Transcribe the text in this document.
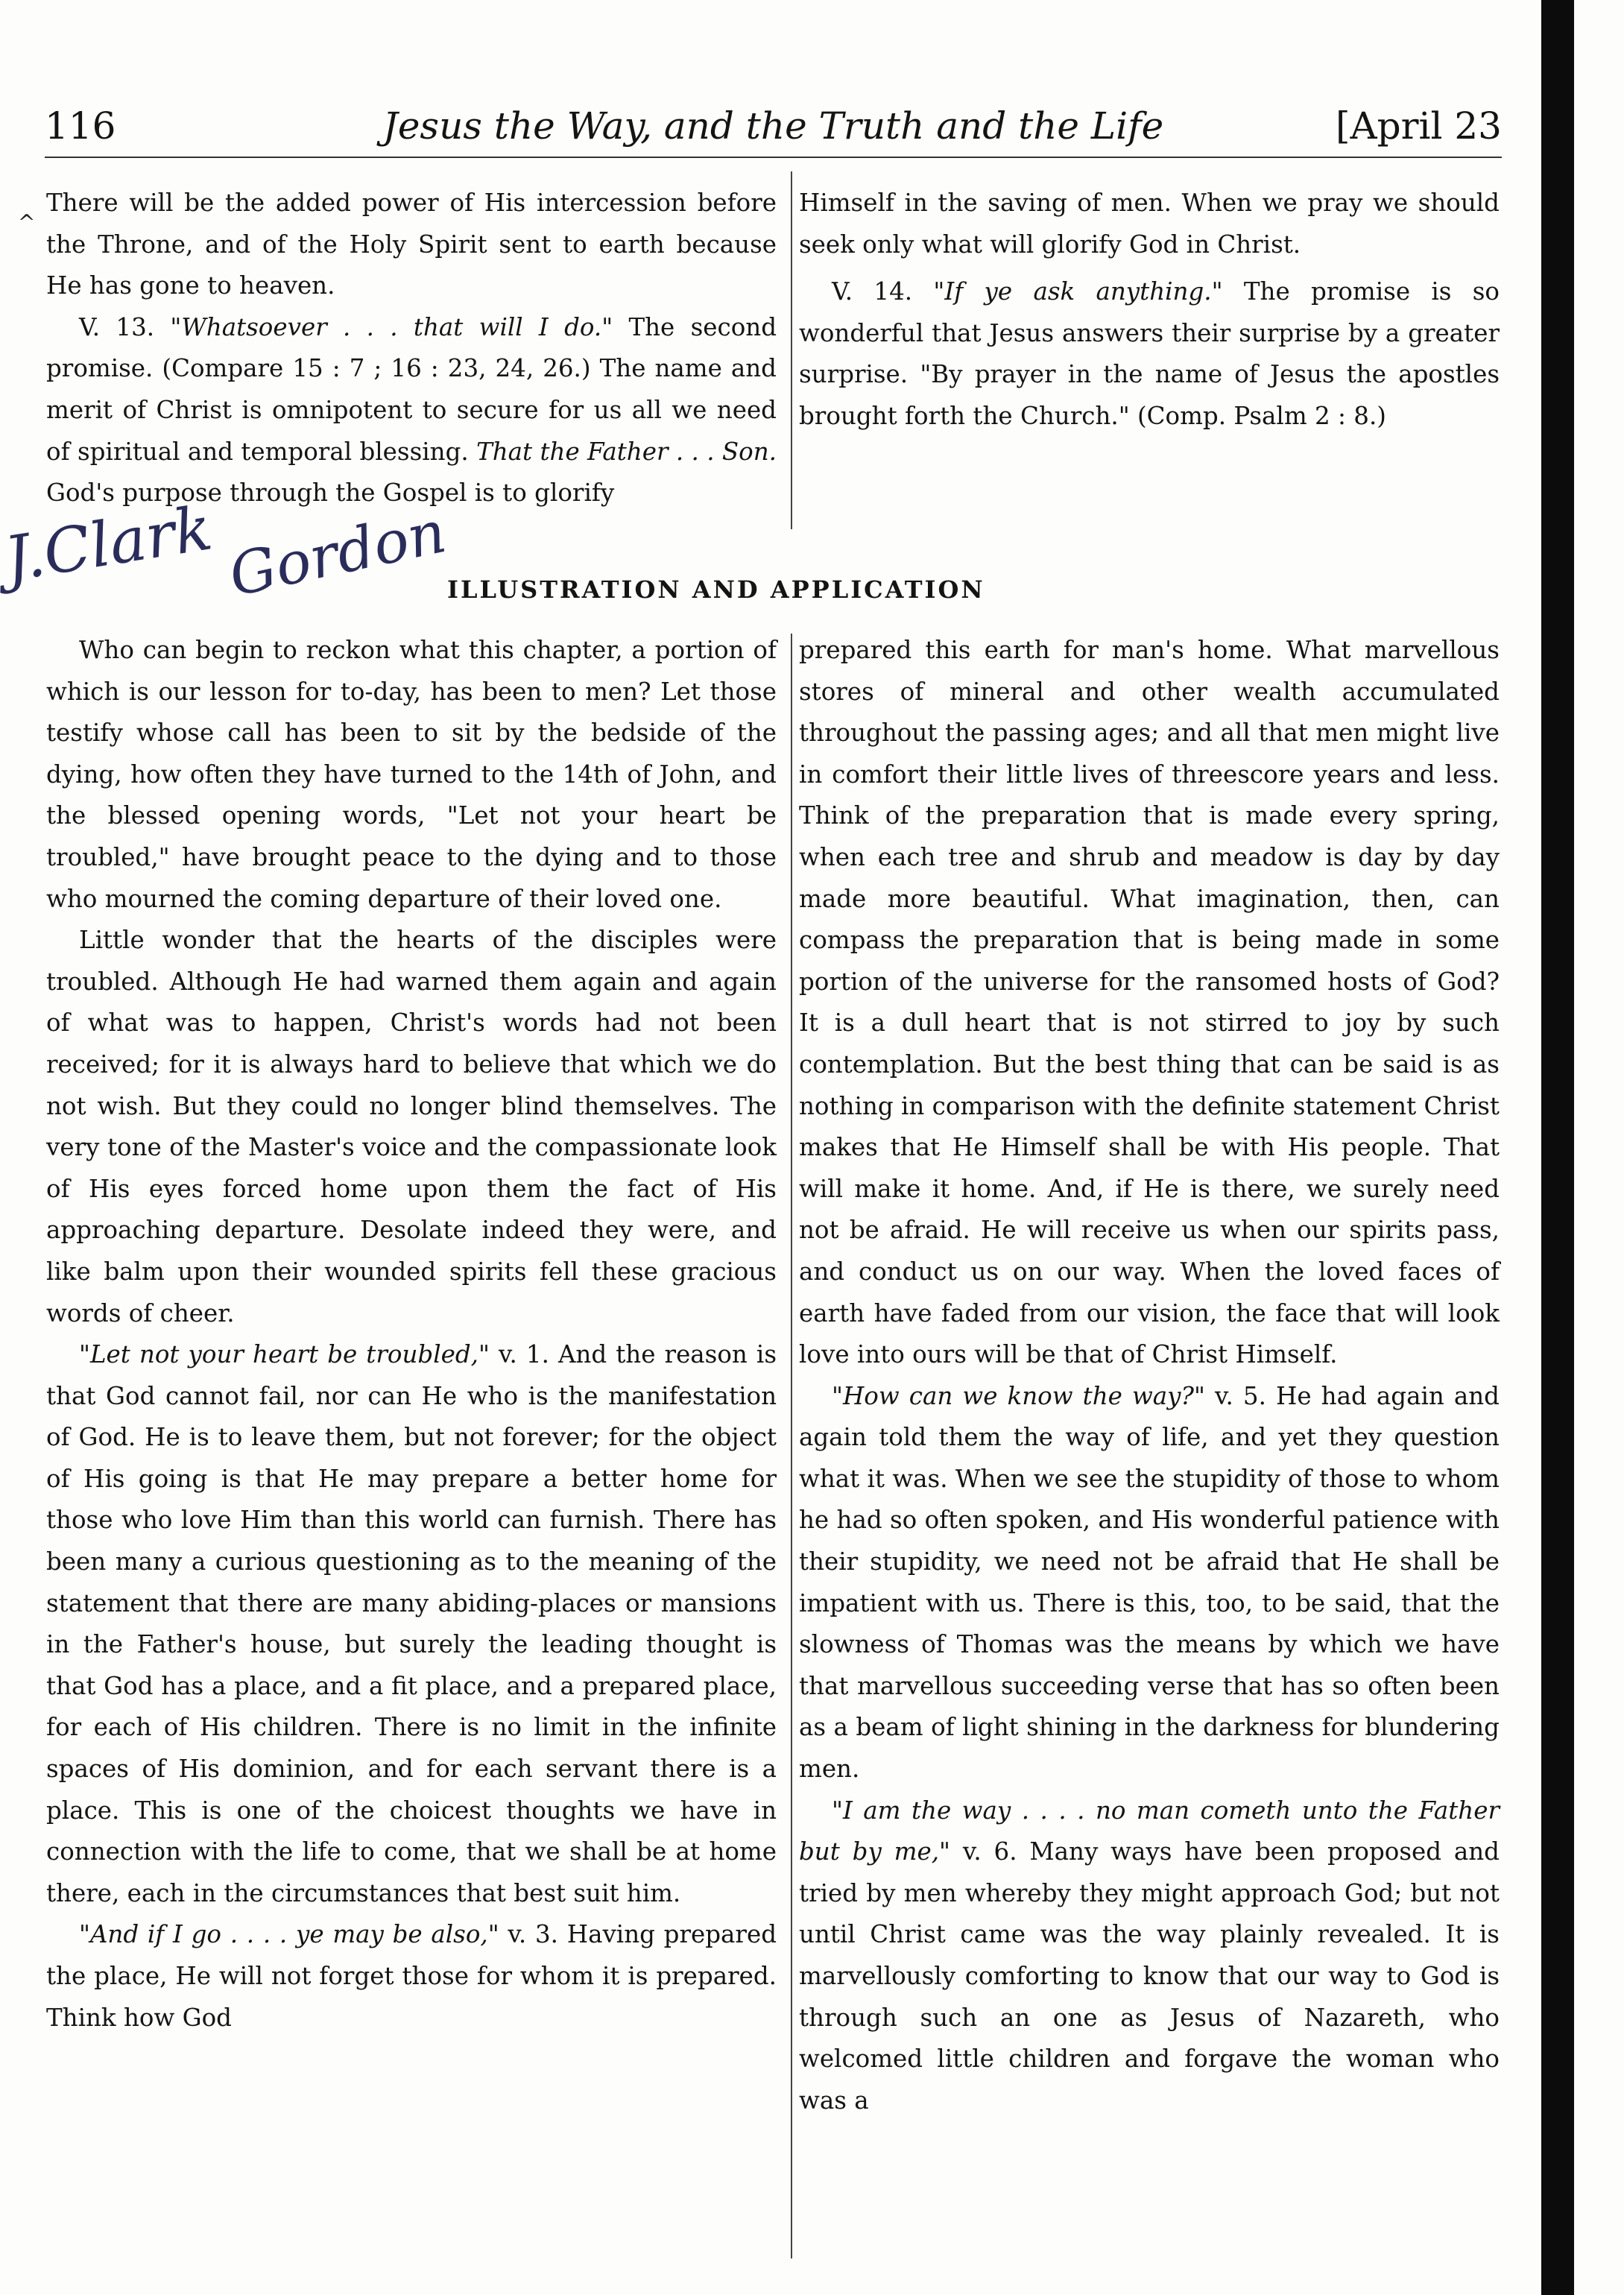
116	Jesus the Way, and the Truth and the Life	[April 23
^

There will be the added power of His intercession before the Throne, and of the Holy Spirit sent to earth because He has gone to heaven.

V. 13. "Whatsoever . . . that will I do." The second promise. (Compare 15 : 7 ; 16 : 23, 24, 26.) The name and merit of Christ is omnipotent to secure for us all we need of spiritual and temporal blessing. That the Father . . . Son. God's purpose through the Gospel is to glorify

Himself in the saving of men. When we pray we should seek only what will glorify God in Christ.

V. 14. "If ye ask anything." The promise is so wonderful that Jesus answers their surprise by a greater surprise. "By prayer in the name of Jesus the apostles brought forth the Church." (Comp. Psalm 2 : 8.)

J.Clark Gordon
ILLUSTRATION AND APPLICATION

Who can begin to reckon what this chapter, a portion of which is our lesson for to-day, has been to men? Let those testify whose call has been to sit by the bedside of the dying, how often they have turned to the 14th of John, and the blessed opening words, "Let not your heart be troubled," have brought peace to the dying and to those who mourned the coming departure of their loved one.

Little wonder that the hearts of the disciples were troubled. Although He had warned them again and again of what was to happen, Christ's words had not been received; for it is always hard to believe that which we do not wish. But they could no longer blind themselves. The very tone of the Master's voice and the compassionate look of His eyes forced home upon them the fact of His approaching departure. Desolate indeed they were, and like balm upon their wounded spirits fell these gracious words of cheer.

"Let not your heart be troubled," v. 1. And the reason is that God cannot fail, nor can He who is the manifestation of God. He is to leave them, but not forever; for the object of His going is that He may prepare a better home for those who love Him than this world can furnish. There has been many a curious questioning as to the meaning of the statement that there are many abiding-places or mansions in the Father's house, but surely the leading thought is that God has a place, and a fit place, and a prepared place, for each of His children. There is no limit in the infinite spaces of His dominion, and for each servant there is a place. This is one of the choicest thoughts we have in connection with the life to come, that we shall be at home there, each in the circumstances that best suit him.

"And if I go . . . . ye may be also," v. 3. Having prepared the place, He will not forget those for whom it is prepared. Think how God

prepared this earth for man's home. What marvellous stores of mineral and other wealth accumulated throughout the passing ages; and all that men might live in comfort their little lives of threescore years and less. Think of the preparation that is made every spring, when each tree and shrub and meadow is day by day made more beautiful. What imagination, then, can compass the preparation that is being made in some portion of the universe for the ransomed hosts of God? It is a dull heart that is not stirred to joy by such contemplation. But the best thing that can be said is as nothing in comparison with the definite statement Christ makes that He Himself shall be with His people. That will make it home. And, if He is there, we surely need not be afraid. He will receive us when our spirits pass, and conduct us on our way. When the loved faces of earth have faded from our vision, the face that will look love into ours will be that of Christ Himself.

"How can we know the way?" v. 5. He had again and again told them the way of life, and yet they question what it was. When we see the stupidity of those to whom he had so often spoken, and His wonderful patience with their stupidity, we need not be afraid that He shall be impatient with us. There is this, too, to be said, that the slowness of Thomas was the means by which we have that marvellous succeeding verse that has so often been as a beam of light shining in the darkness for blundering men.

"I am the way . . . . no man cometh unto the Father but by me," v. 6. Many ways have been proposed and tried by men whereby they might approach God; but not until Christ came was the way plainly revealed. It is marvellously comforting to know that our way to God is through such an one as Jesus of Nazareth, who welcomed little children and forgave the woman who was a
